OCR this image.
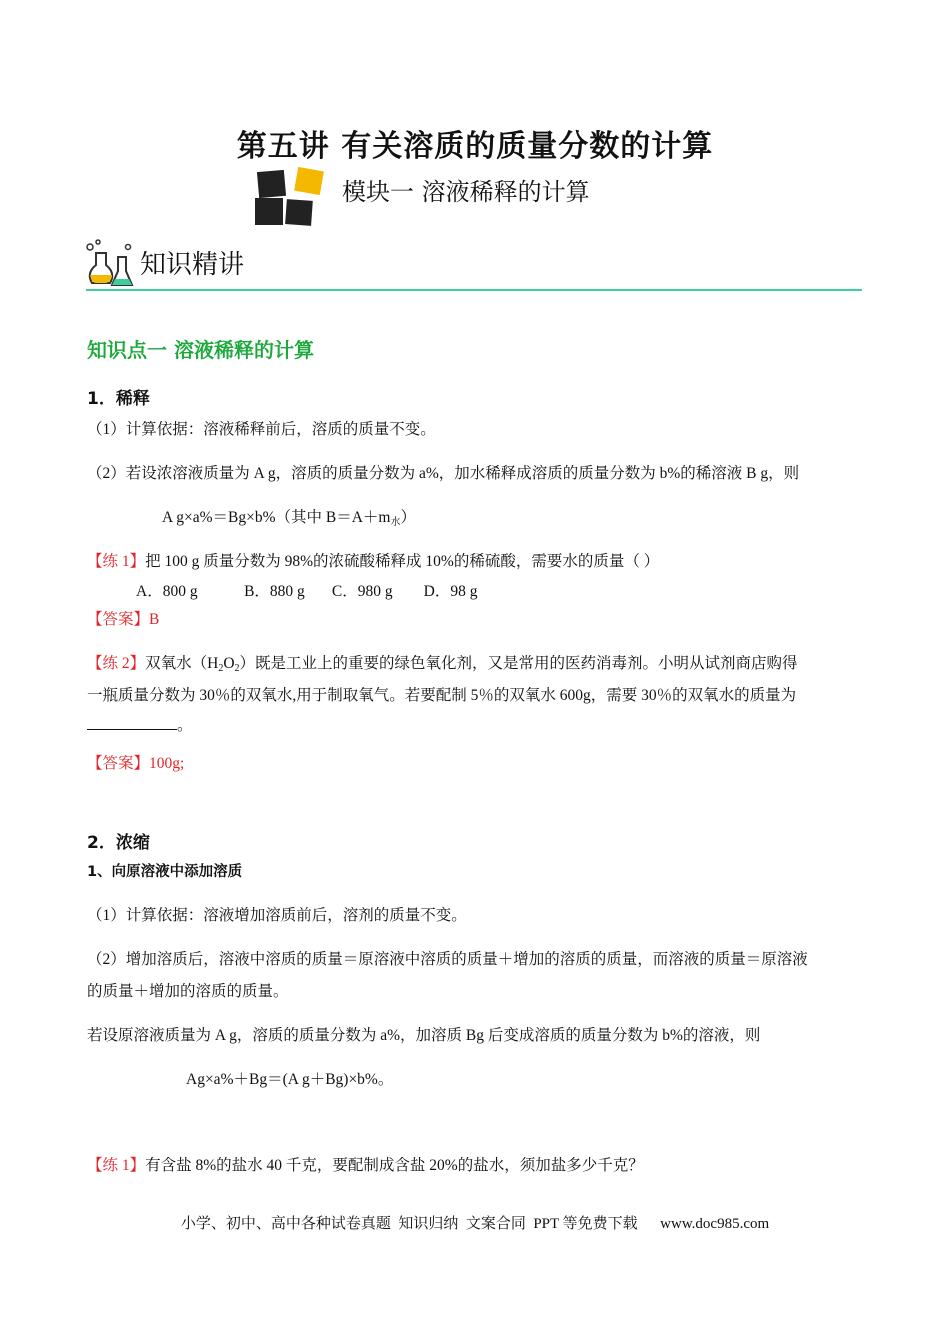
第五讲 有关溶质的质量分数的计算
模块一 溶液稀释的计算
知识精讲
知识点一 溶液稀释的计算
1．稀释
（1）计算依据：溶液稀释前后，溶质的质量不变。
（2）若设浓溶液质量为 A g，溶质的质量分数为 a%，加水稀释成溶质的质量分数为 b%的稀溶液 B g，则
A g×a%＝Bg×b%（其中 $B=A+m_水$）
【练 1】把 100 g 质量分数为 98%的浓硫酸稀释成 10%的稀硫酸，需要水的质量（ ）
A．800 g            B．880 g       C．980 g        D．98 g
【答案】B
【练 2】双氧水$(H_2O_2)$既是工业上的重要的绿色氧化剂，又是常用的医药消毒剂。小明从试剂商店购得
一瓶质量分数为 30％的双氧水,用于制取氧气。若要配制 5％的双氧水 600g，需要 30％的双氧水的质量为
。
【答案】100g;
2．浓缩
1、向原溶液中添加溶质
（1）计算依据：溶液增加溶质前后，溶剂的质量不变。
（2）增加溶质后，溶液中溶质的质量＝原溶液中溶质的质量＋增加的溶质的质量，而溶液的质量＝原溶液
的质量＋增加的溶质的质量。
若设原溶液质量为 A g，溶质的质量分数为 a%，加溶质 Bg 后变成溶质的质量分数为 b%的溶液，则
Ag×a%＋Bg＝(A g＋Bg)×b%。
【练 1】有含盐 8%的盐水 40 千克，要配制成含盐 20%的盐水，须加盐多少千克？
小学、初中、高中各种试卷真题  知识归纳  文案合同  PPT 等免费下载      www.doc985.com
